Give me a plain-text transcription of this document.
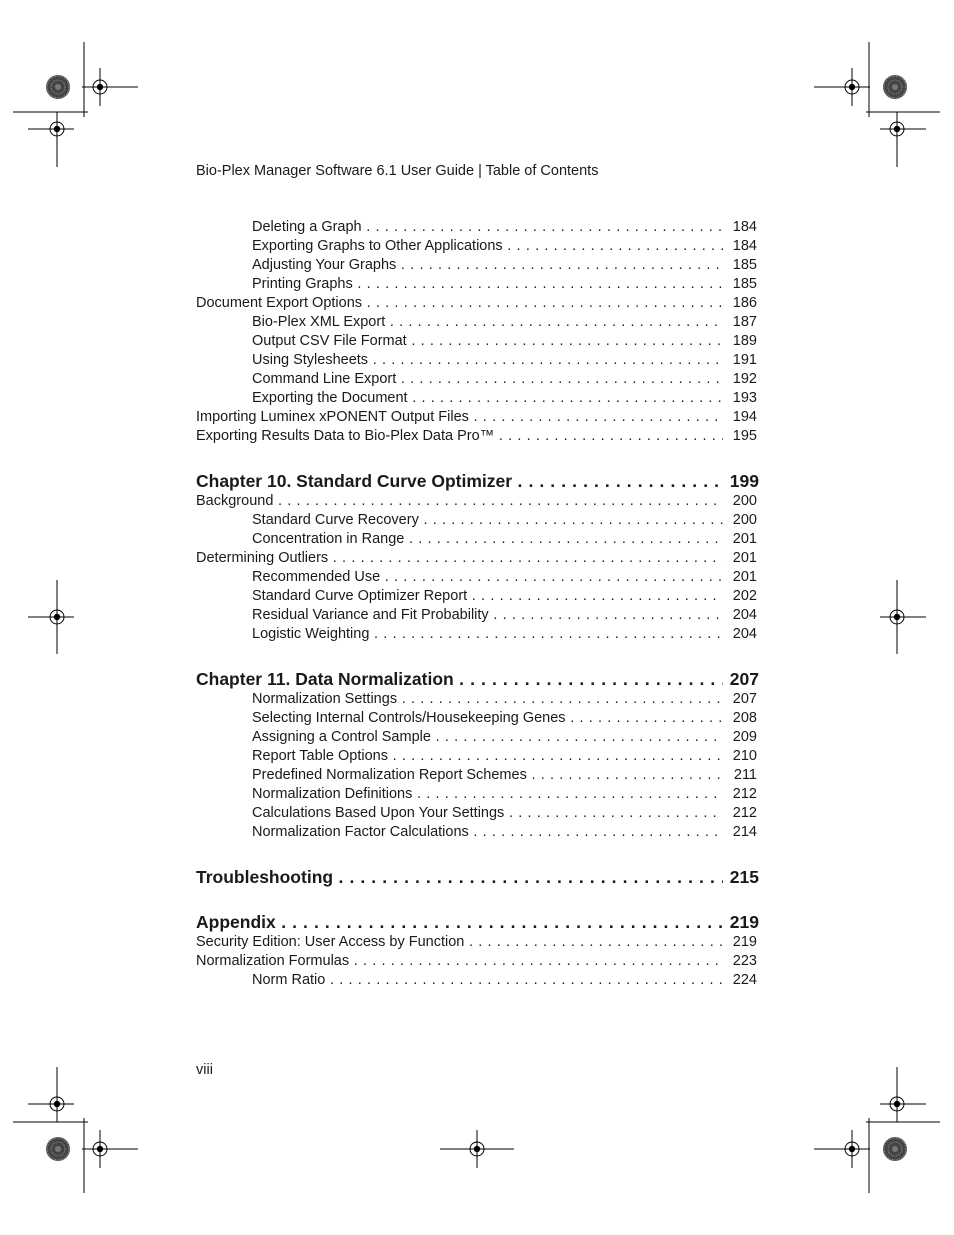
Bio-Plex Manager Software 6.1 User Guide | Table of Contents
Deleting a Graph . . .	184
Exporting Graphs to Other Applications . . .	184
Adjusting Your Graphs . . .	185
Printing Graphs . . .	185
Document Export Options . . .	186
Bio-Plex XML Export . . .	187
Output CSV File Format . . .	189
Using Stylesheets . . .	191
Command Line Export . . .	192
Exporting the Document . . .	193
Importing Luminex xPONENT Output Files . . .	194
Exporting Results Data to Bio-Plex Data Pro™ . . .	195
Chapter 10. Standard Curve Optimizer . . .	199
Background . . .	200
Standard Curve Recovery . . .	200
Concentration in Range . . .	201
Determining Outliers . . .	201
Recommended Use . . .	201
Standard Curve Optimizer Report . . .	202
Residual Variance and Fit Probability . . .	204
Logistic Weighting . . .	204
Chapter 11. Data Normalization . . .	207
Normalization Settings . . .	207
Selecting Internal Controls/Housekeeping Genes . . .	208
Assigning a Control Sample . . .	209
Report Table Options . . .	210
Predefined Normalization Report Schemes . . .	211
Normalization Definitions . . .	212
Calculations Based Upon Your Settings . . .	212
Normalization Factor Calculations . . .	214
Troubleshooting . . .	215
Appendix . . .	219
Security Edition: User Access by Function . . .	219
Normalization Formulas . . .	223
Norm Ratio . . .	224
viii
